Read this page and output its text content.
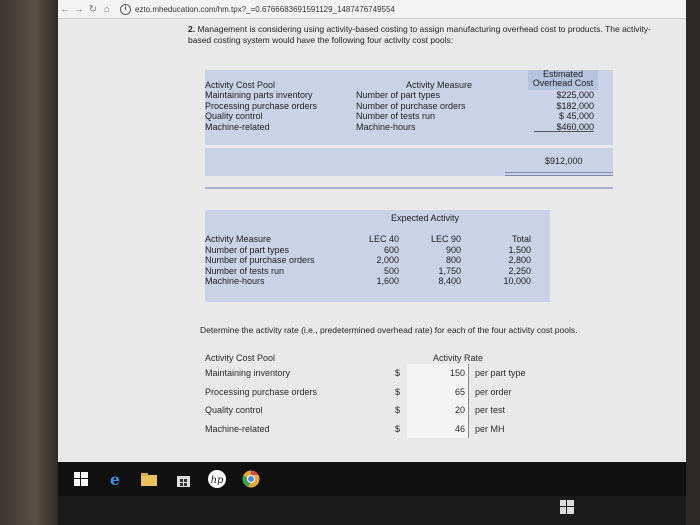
← → ↻ ⌂	i	ezto.mheducation.com/hm.tpx?_=0.6766683691591129_1487476749554
2. Management is considering using activity-based costing to assign manufacturing overhead cost to products. The activity-based costing system would have the following four activity cost pools:
Activity Cost Pool	Activity Measure
Estimated Overhead Cost
Maintaining parts inventory	Number of part types	$225,000
Processing purchase orders	Number of purchase orders	$182,000
Quality control	Number of tests run	$ 45,000
Machine-related	Machine-hours	$460,000
$912,000
Expected Activity
Activity Measure	LEC 40	LEC 90	Total
Number of part types	600	900	1,500
Number of purchase orders	2,000	800	2,800
Number of tests run	500	1,750	2,250
Machine-hours	1,600	8,400	10,000
Determine the activity rate (i.e., predetermined overhead rate) for each of the four activity cost pools.
Activity Cost Pool	Activity Rate
Maintaining inventory	$	150	per part type
Processing purchase orders	$	65	per order
Quality control	$	20	per test
Machine-related	$	46	per MH
e	hp
